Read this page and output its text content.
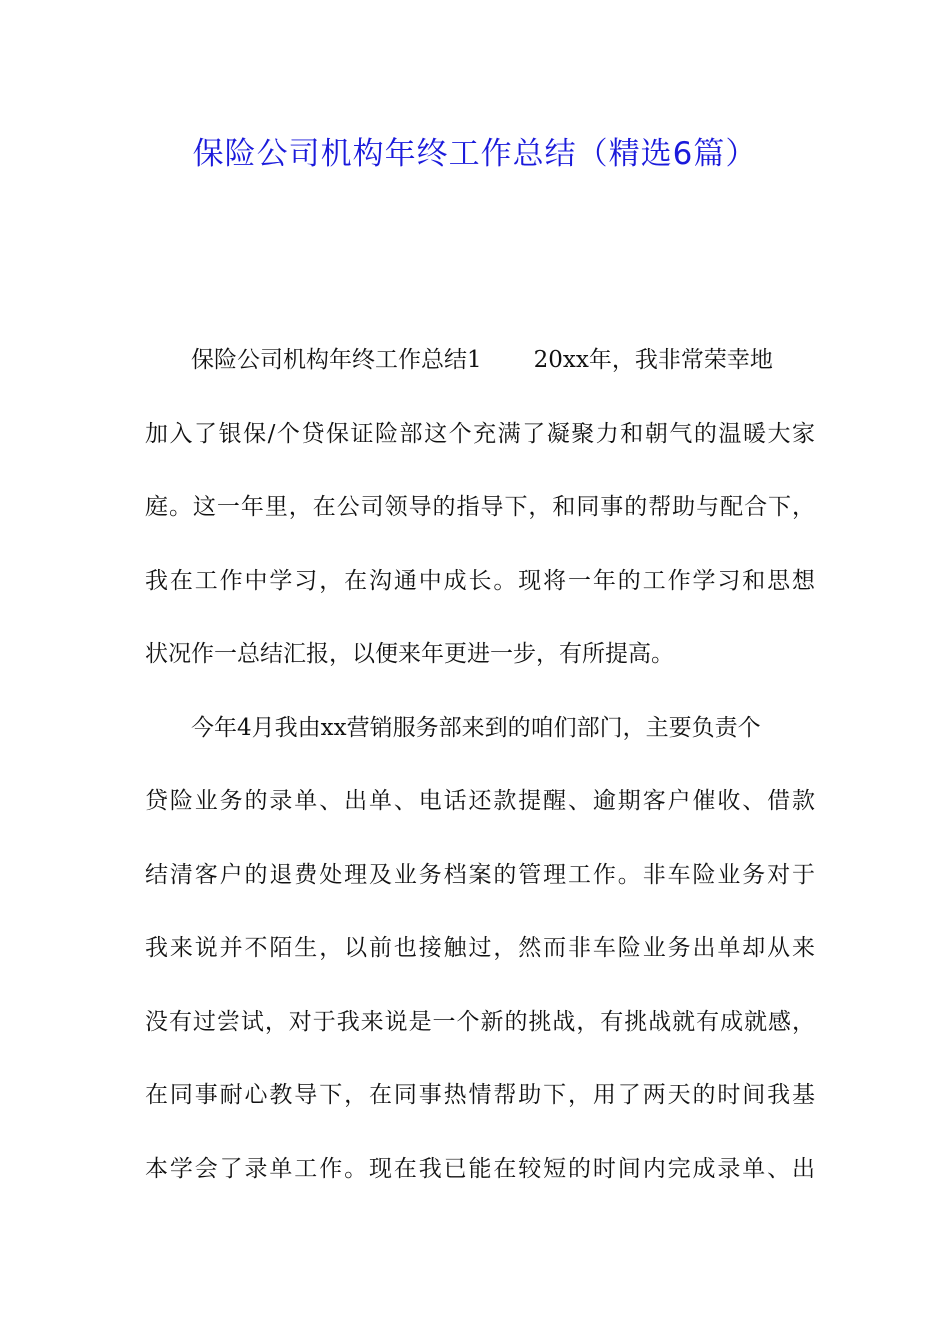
保险公司机构年终工作总结（精选6篇）
保险公司机构年终工作总结1 20xx年，我非常荣幸地
加入了银保/个贷保证险部这个充满了凝聚力和朝气的温暖大家
庭。这一年里，在公司领导的指导下，和同事的帮助与配合下，
我在工作中学习，在沟通中成长。现将一年的工作学习和思想
状况作一总结汇报，以便来年更进一步，有所提高。
今年4月我由xx营销服务部来到的咱们部门，主要负责个
贷险业务的录单、出单、电话还款提醒、逾期客户催收、借款
结清客户的退费处理及业务档案的管理工作。非车险业务对于
我来说并不陌生，以前也接触过，然而非车险业务出单却从来
没有过尝试，对于我来说是一个新的挑战，有挑战就有成就感，
在同事耐心教导下，在同事热情帮助下，用了两天的时间我基
本学会了录单工作。现在我已能在较短的时间内完成录单、出
